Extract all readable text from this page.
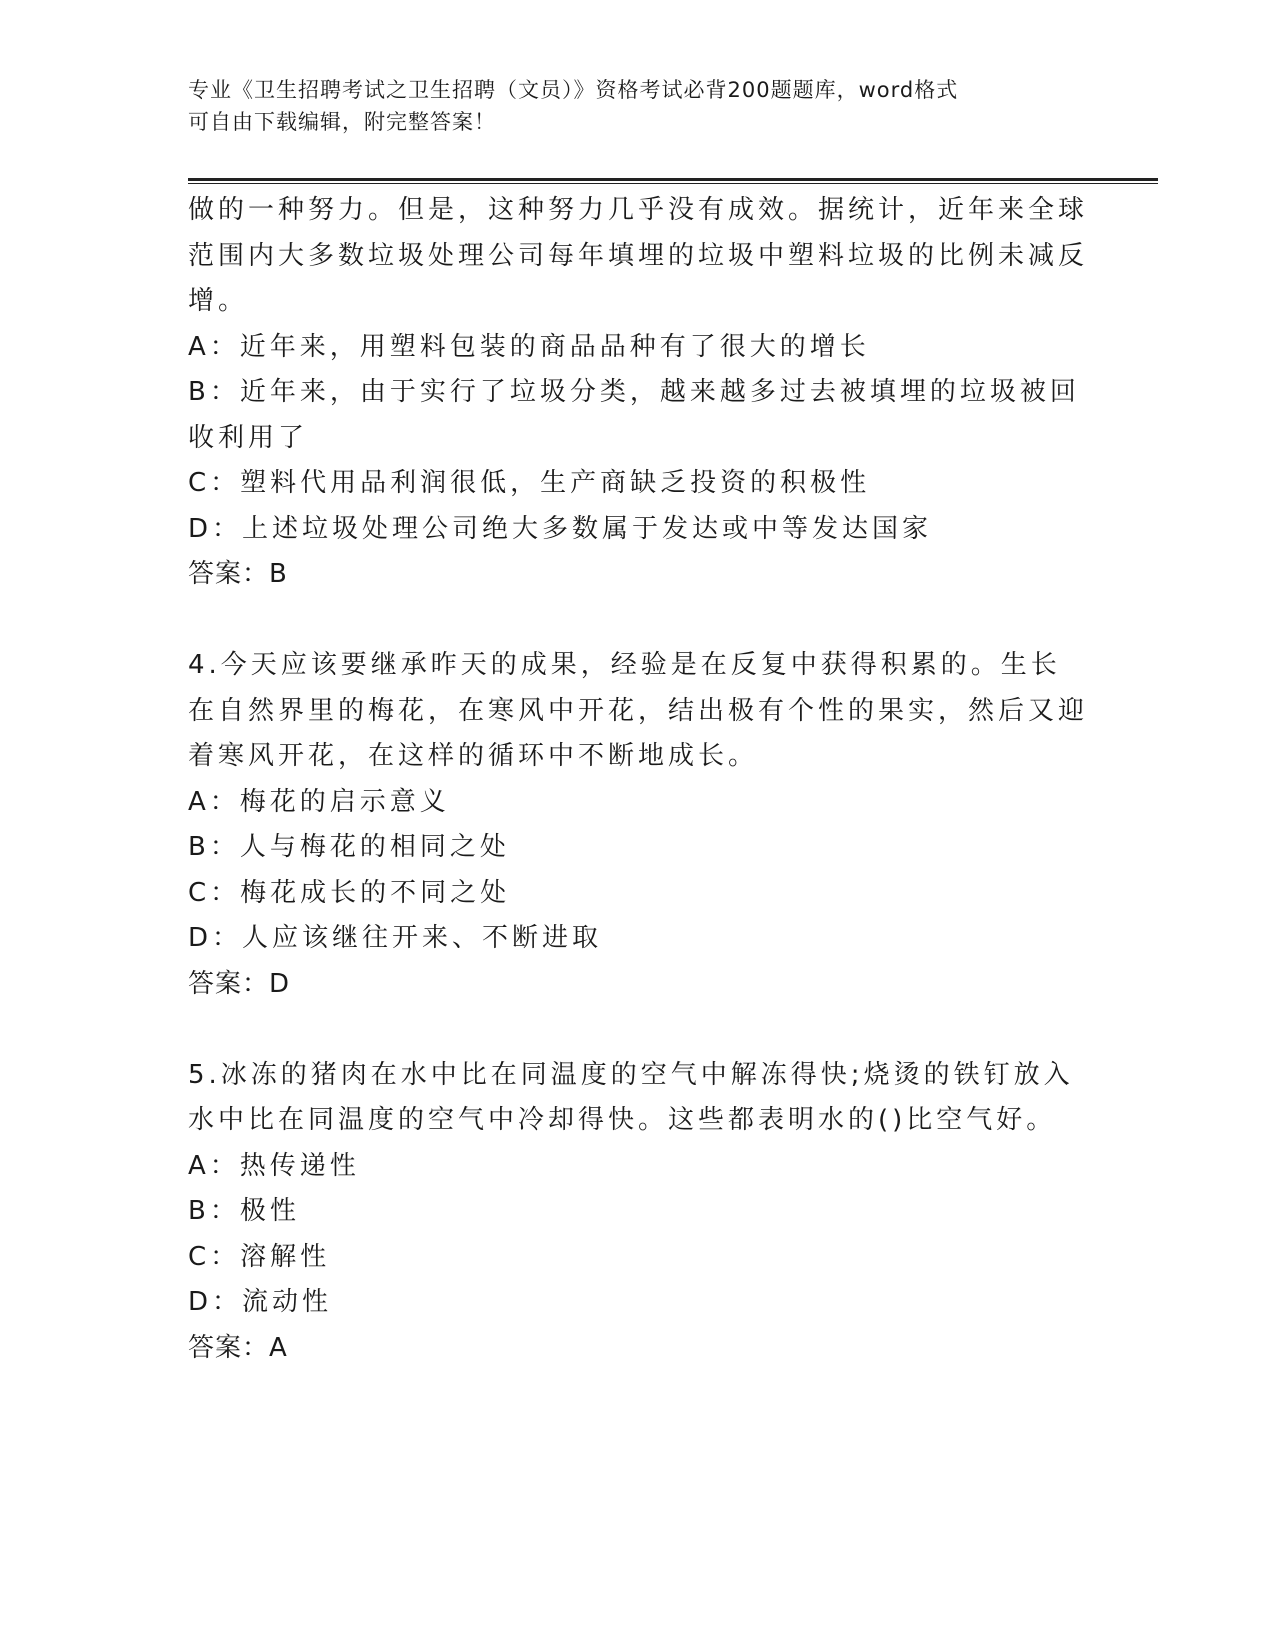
专业《卫生招聘考试之卫生招聘（文员）》资格考试必背200题题库，word格式
可自由下载编辑，附完整答案！

做的一种努力。但是，这种努力几乎没有成效。据统计，近年来全球范围内大多数垃圾处理公司每年填埋的垃圾中塑料垃圾的比例未减反增。

A：近年来，用塑料包装的商品品种有了很大的增长

B：近年来，由于实行了垃圾分类，越来越多过去被填埋的垃圾被回收利用了

C：塑料代用品利润很低，生产商缺乏投资的积极性

D：上述垃圾处理公司绝大多数属于发达或中等发达国家

答案：B

4.今天应该要继承昨天的成果，经验是在反复中获得积累的。生长在自然界里的梅花，在寒风中开花，结出极有个性的果实，然后又迎着寒风开花，在这样的循环中不断地成长。

A：梅花的启示意义

B：人与梅花的相同之处

C：梅花成长的不同之处

D：人应该继往开来、不断进取

答案：D

5.冰冻的猪肉在水中比在同温度的空气中解冻得快;烧烫的铁钉放入水中比在同温度的空气中冷却得快。这些都表明水的()比空气好。

A：热传递性

B：极性

C：溶解性

D：流动性

答案：A
